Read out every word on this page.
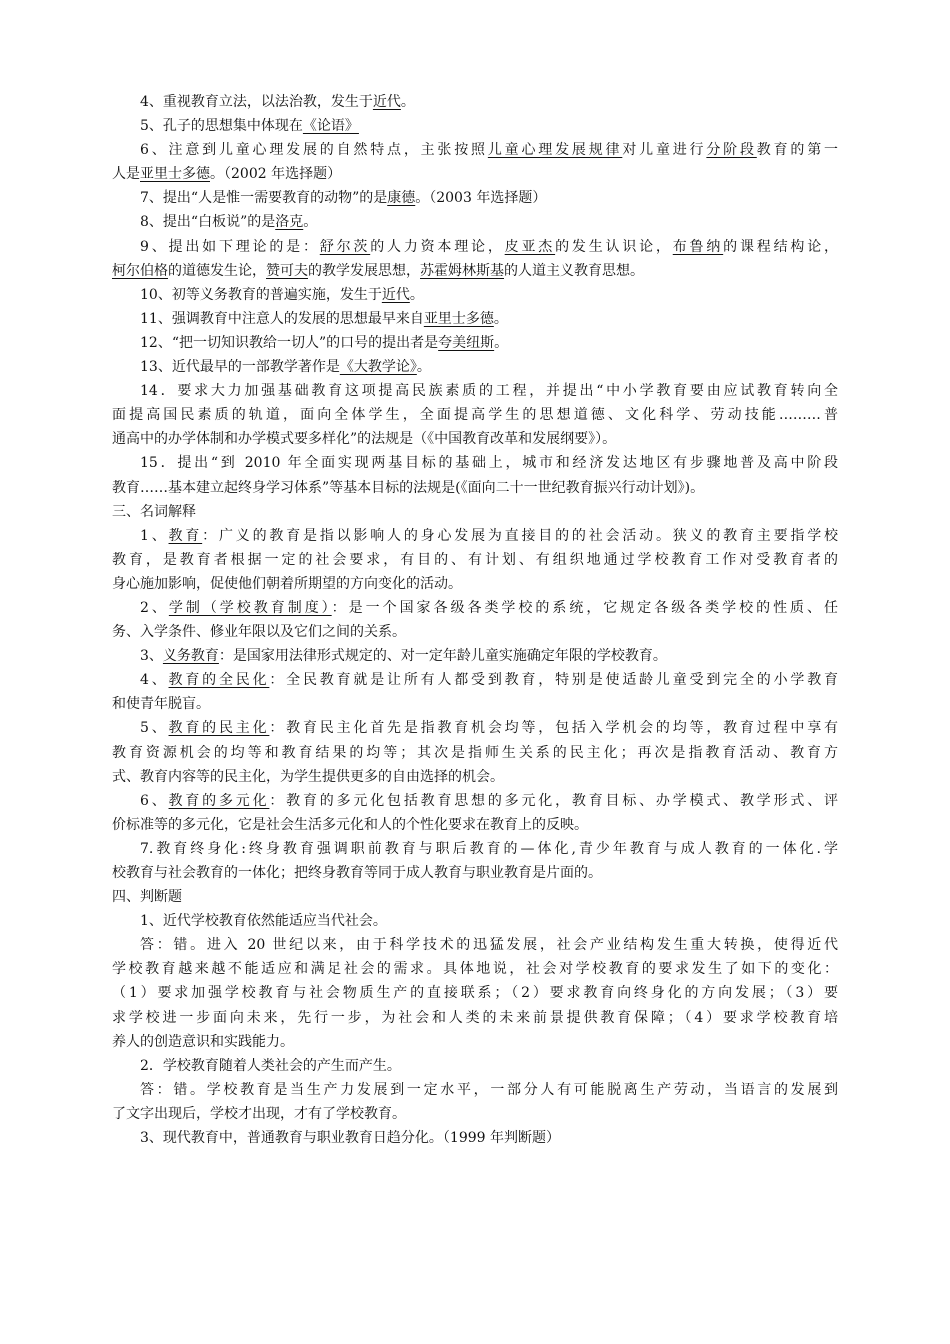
4、重视教育立法，以法治教，发生于近代。
5、孔子的思想集中体现在《论语》
6、注意到儿童心理发展的自然特点，主张按照儿童心理发展规律对儿童进行分阶段教育的第一
人是亚里士多德。（2002 年选择题）
7、提出“人是惟一需要教育的动物”的是康德。（2003 年选择题）
8、提出“白板说”的是洛克。
9、提出如下理论的是：舒尔茨的人力资本理论，皮亚杰的发生认识论，布鲁纳的课程结构论，
柯尔伯格的道德发生论，赞可夫的教学发展思想，苏霍姆林斯基的人道主义教育思想。
10、初等义务教育的普遍实施，发生于近代。
11、强调教育中注意人的发展的思想最早来自亚里士多德。
12、“把一切知识教给一切人”的口号的提出者是夸美纽斯。
13、近代最早的一部教学著作是《大教学论》。
14．要求大力加强基础教育这项提高民族素质的工程，并提出“中小学教育要由应试教育转向全
面提高国民素质的轨道，面向全体学生，全面提高学生的思想道德、文化科学、劳动技能………普
通高中的办学体制和办学模式要多样化”的法规是（《中国教育改革和发展纲要》）。
15．提出“到 2010 年全面实现两基目标的基础上，城市和经济发达地区有步骤地普及高中阶段
教育……基本建立起终身学习体系”等基本目标的法规是(《面向二十一世纪教育振兴行动计划》)。
三、名词解释
1、教育：广义的教育是指以影响人的身心发展为直接目的的社会活动。狭义的教育主要指学校
教育，是教育者根据一定的社会要求，有目的、有计划、有组织地通过学校教育工作对受教育者的
身心施加影响，促使他们朝着所期望的方向变化的活动。
2、学制（学校教育制度）：是一个国家各级各类学校的系统，它规定各级各类学校的性质、任
务、入学条件、修业年限以及它们之间的关系。
3、义务教育：是国家用法律形式规定的、对一定年龄儿童实施确定年限的学校教育。
4、教育的全民化：全民教育就是让所有人都受到教育，特别是使适龄儿童受到完全的小学教育
和使青年脱盲。
5、教育的民主化：教育民主化首先是指教育机会均等，包括入学机会的均等，教育过程中享有
教育资源机会的均等和教育结果的均等；其次是指师生关系的民主化；再次是指教育活动、教育方
式、教育内容等的民主化，为学生提供更多的自由选择的机会。
6、教育的多元化：教育的多元化包括教育思想的多元化，教育目标、办学模式、教学形式、评
价标准等的多元化，它是社会生活多元化和人的个性化要求在教育上的反映。
7.教育终身化:终身教育强调职前教育与职后教育的—体化,青少年教育与成人教育的一体化.学
校教育与社会教育的一体化；把终身教育等同于成人教育与职业教育是片面的。
四、判断题
1、近代学校教育依然能适应当代社会。
答：错。进入 20 世纪以来，由于科学技术的迅猛发展，社会产业结构发生重大转换，使得近代
学校教育越来越不能适应和满足社会的需求。具体地说，社会对学校教育的要求发生了如下的变化：
（1）要求加强学校教育与社会物质生产的直接联系；（2）要求教育向终身化的方向发展；（3）要
求学校进一步面向未来，先行一步，为社会和人类的未来前景提供教育保障；（4）要求学校教育培
养人的创造意识和实践能力。
2．学校教育随着人类社会的产生而产生。
答：错。学校教育是当生产力发展到一定水平，一部分人有可能脱离生产劳动，当语言的发展到
了文字出现后，学校才出现，才有了学校教育。
3、现代教育中，普通教育与职业教育日趋分化。（1999 年判断题）
